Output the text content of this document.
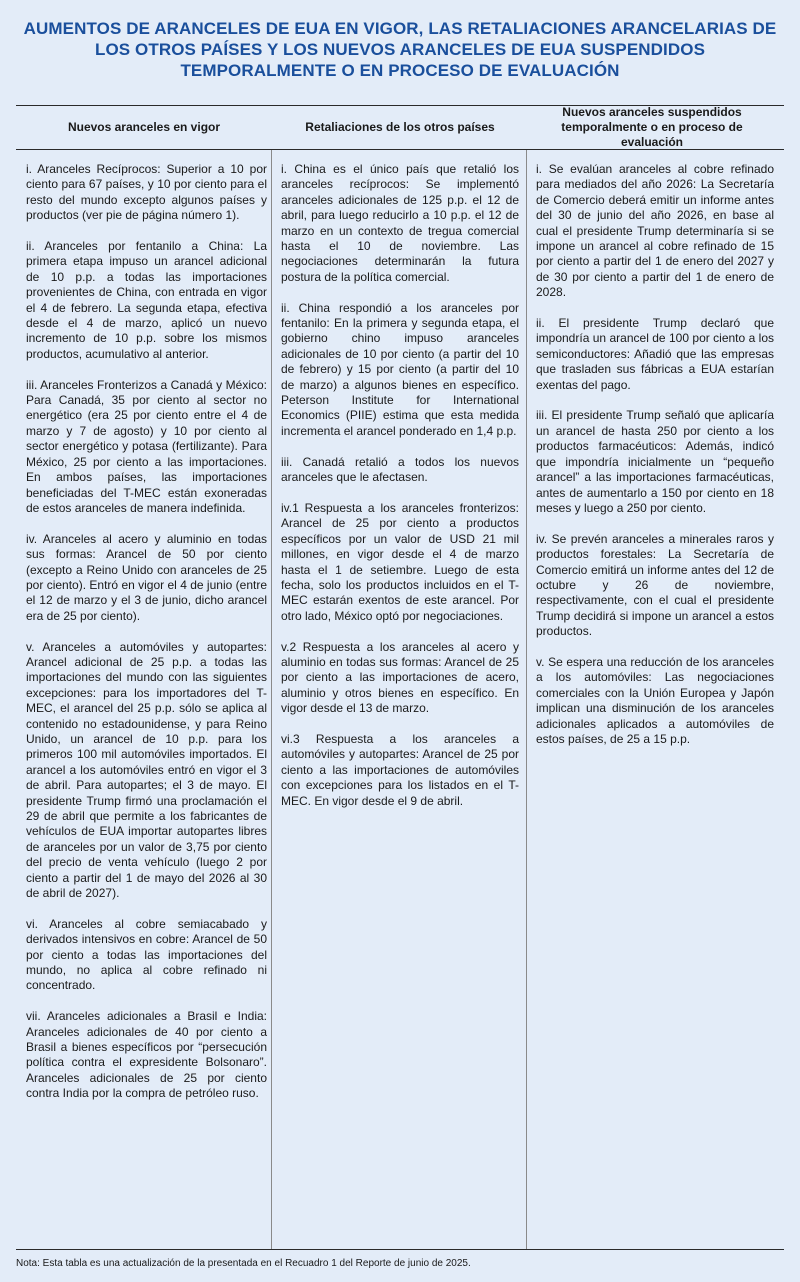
AUMENTOS DE ARANCELES DE EUA EN VIGOR, LAS RETALIACIONES ARANCELARIAS DE LOS OTROS PAÍSES Y LOS NUEVOS ARANCELES DE EUA SUSPENDIDOS TEMPORALMENTE O EN PROCESO DE EVALUACIÓN
Nuevos aranceles en vigor	Retaliaciones de los otros países
Nuevos aranceles suspendidos temporalmente o en proceso de evaluación

i. Aranceles Recíprocos: Superior a 10 por ciento para 67 países, y 10 por ciento para el resto del mundo excepto algunos países y productos (ver pie de página número 1).

ii. Aranceles por fentanilo a China: La primera etapa impuso un arancel adicional de 10 p.p. a todas las importaciones provenientes de China, con entrada en vigor el 4 de febrero. La segunda etapa, efectiva desde el 4 de marzo, aplicó un nuevo incremento de 10 p.p. sobre los mismos productos, acumulativo al anterior.

iii. Aranceles Fronterizos a Canadá y México: Para Canadá, 35 por ciento al sector no energético (era 25 por ciento entre el 4 de marzo y 7 de agosto) y 10 por ciento al sector energético y potasa (fertilizante). Para México, 25 por ciento a las importaciones. En ambos países, las importaciones beneficiadas del T-MEC están exoneradas de estos aranceles de manera indefinida.

iv. Aranceles al acero y aluminio en todas sus formas: Arancel de 50 por ciento (excepto a Reino Unido con aranceles de 25 por ciento). Entró en vigor el 4 de junio (entre el 12 de marzo y el 3 de junio, dicho arancel era de 25 por ciento).

v. Aranceles a automóviles y autopartes: Arancel adicional de 25 p.p. a todas las importaciones del mundo con las siguientes excepciones: para los importadores del T-MEC, el arancel del 25 p.p. sólo se aplica al contenido no estadounidense, y para Reino Unido, un arancel de 10 p.p. para los primeros 100 mil automóviles importados. El arancel a los automóviles entró en vigor el 3 de abril. Para autopartes; el 3 de mayo. El presidente Trump firmó una proclamación el 29 de abril que permite a los fabricantes de vehículos de EUA importar autopartes libres de aranceles por un valor de 3,75 por ciento del precio de venta vehículo (luego 2 por ciento a partir del 1 de mayo del 2026 al 30 de abril de 2027).

vi. Aranceles al cobre semiacabado y derivados intensivos en cobre: Arancel de 50 por ciento a todas las importaciones del mundo, no aplica al cobre refinado ni concentrado.

vii. Aranceles adicionales a Brasil e India: Aranceles adicionales de 40 por ciento a Brasil a bienes específicos por “persecución política contra el expresidente Bolsonaro”. Aranceles adicionales de 25 por ciento contra India por la compra de petróleo ruso.

i. China es el único país que retalió los aranceles recíprocos: Se implementó aranceles adicionales de 125 p.p. el 12 de abril, para luego reducirlo a 10 p.p. el 12 de marzo en un contexto de tregua comercial hasta el 10 de noviembre. Las negociaciones determinarán la futura postura de la política comercial.

ii. China respondió a los aranceles por fentanilo: En la primera y segunda etapa, el gobierno chino impuso aranceles adicionales de 10 por ciento (a partir del 10 de febrero) y 15 por ciento (a partir del 10 de marzo) a algunos bienes en específico. Peterson Institute for International Economics (PIIE) estima que esta medida incrementa el arancel ponderado en 1,4 p.p.

iii. Canadá retalió a todos los nuevos aranceles que le afectasen.

iv.1 Respuesta a los aranceles fronterizos: Arancel de 25 por ciento a productos específicos por un valor de USD 21 mil millones, en vigor desde el 4 de marzo hasta el 1 de setiembre. Luego de esta fecha, solo los productos incluidos en el T-MEC estarán exentos de este arancel. Por otro lado, México optó por negociaciones.

v.2 Respuesta a los aranceles al acero y aluminio en todas sus formas: Arancel de 25 por ciento a las importaciones de acero, aluminio y otros bienes en específico. En vigor desde el 13 de marzo.

vi.3 Respuesta a los aranceles a automóviles y autopartes: Arancel de 25 por ciento a las importaciones de automóviles con excepciones para los listados en el T-MEC. En vigor desde el 9 de abril.

i. Se evalúan aranceles al cobre refinado para mediados del año 2026: La Secretaría de Comercio deberá emitir un informe antes del 30 de junio del año 2026, en base al cual el presidente Trump determinaría si se impone un arancel al cobre refinado de 15 por ciento a partir del 1 de enero del 2027 y de 30 por ciento a partir del 1 de enero de 2028.

ii. El presidente Trump declaró que impondría un arancel de 100 por ciento a los semiconductores: Añadió que las empresas que trasladen sus fábricas a EUA estarían exentas del pago.

iii. El presidente Trump señaló que aplicaría un arancel de hasta 250 por ciento a los productos farmacéuticos: Además, indicó que impondría inicialmente un “pequeño arancel” a las importaciones farmacéuticas, antes de aumentarlo a 150 por ciento en 18 meses y luego a 250 por ciento.

iv. Se prevén aranceles a minerales raros y productos forestales: La Secretaría de Comercio emitirá un informe antes del 12 de octubre y 26 de noviembre, respectivamente, con el cual el presidente Trump decidirá si impone un arancel a estos productos.

v. Se espera una reducción de los aranceles a los automóviles: Las negociaciones comerciales con la Unión Europea y Japón implican una disminución de los aranceles adicionales aplicados a automóviles de estos países, de 25 a 15 p.p.

Nota: Esta tabla es una actualización de la presentada en el Recuadro 1 del Reporte de junio de 2025.
